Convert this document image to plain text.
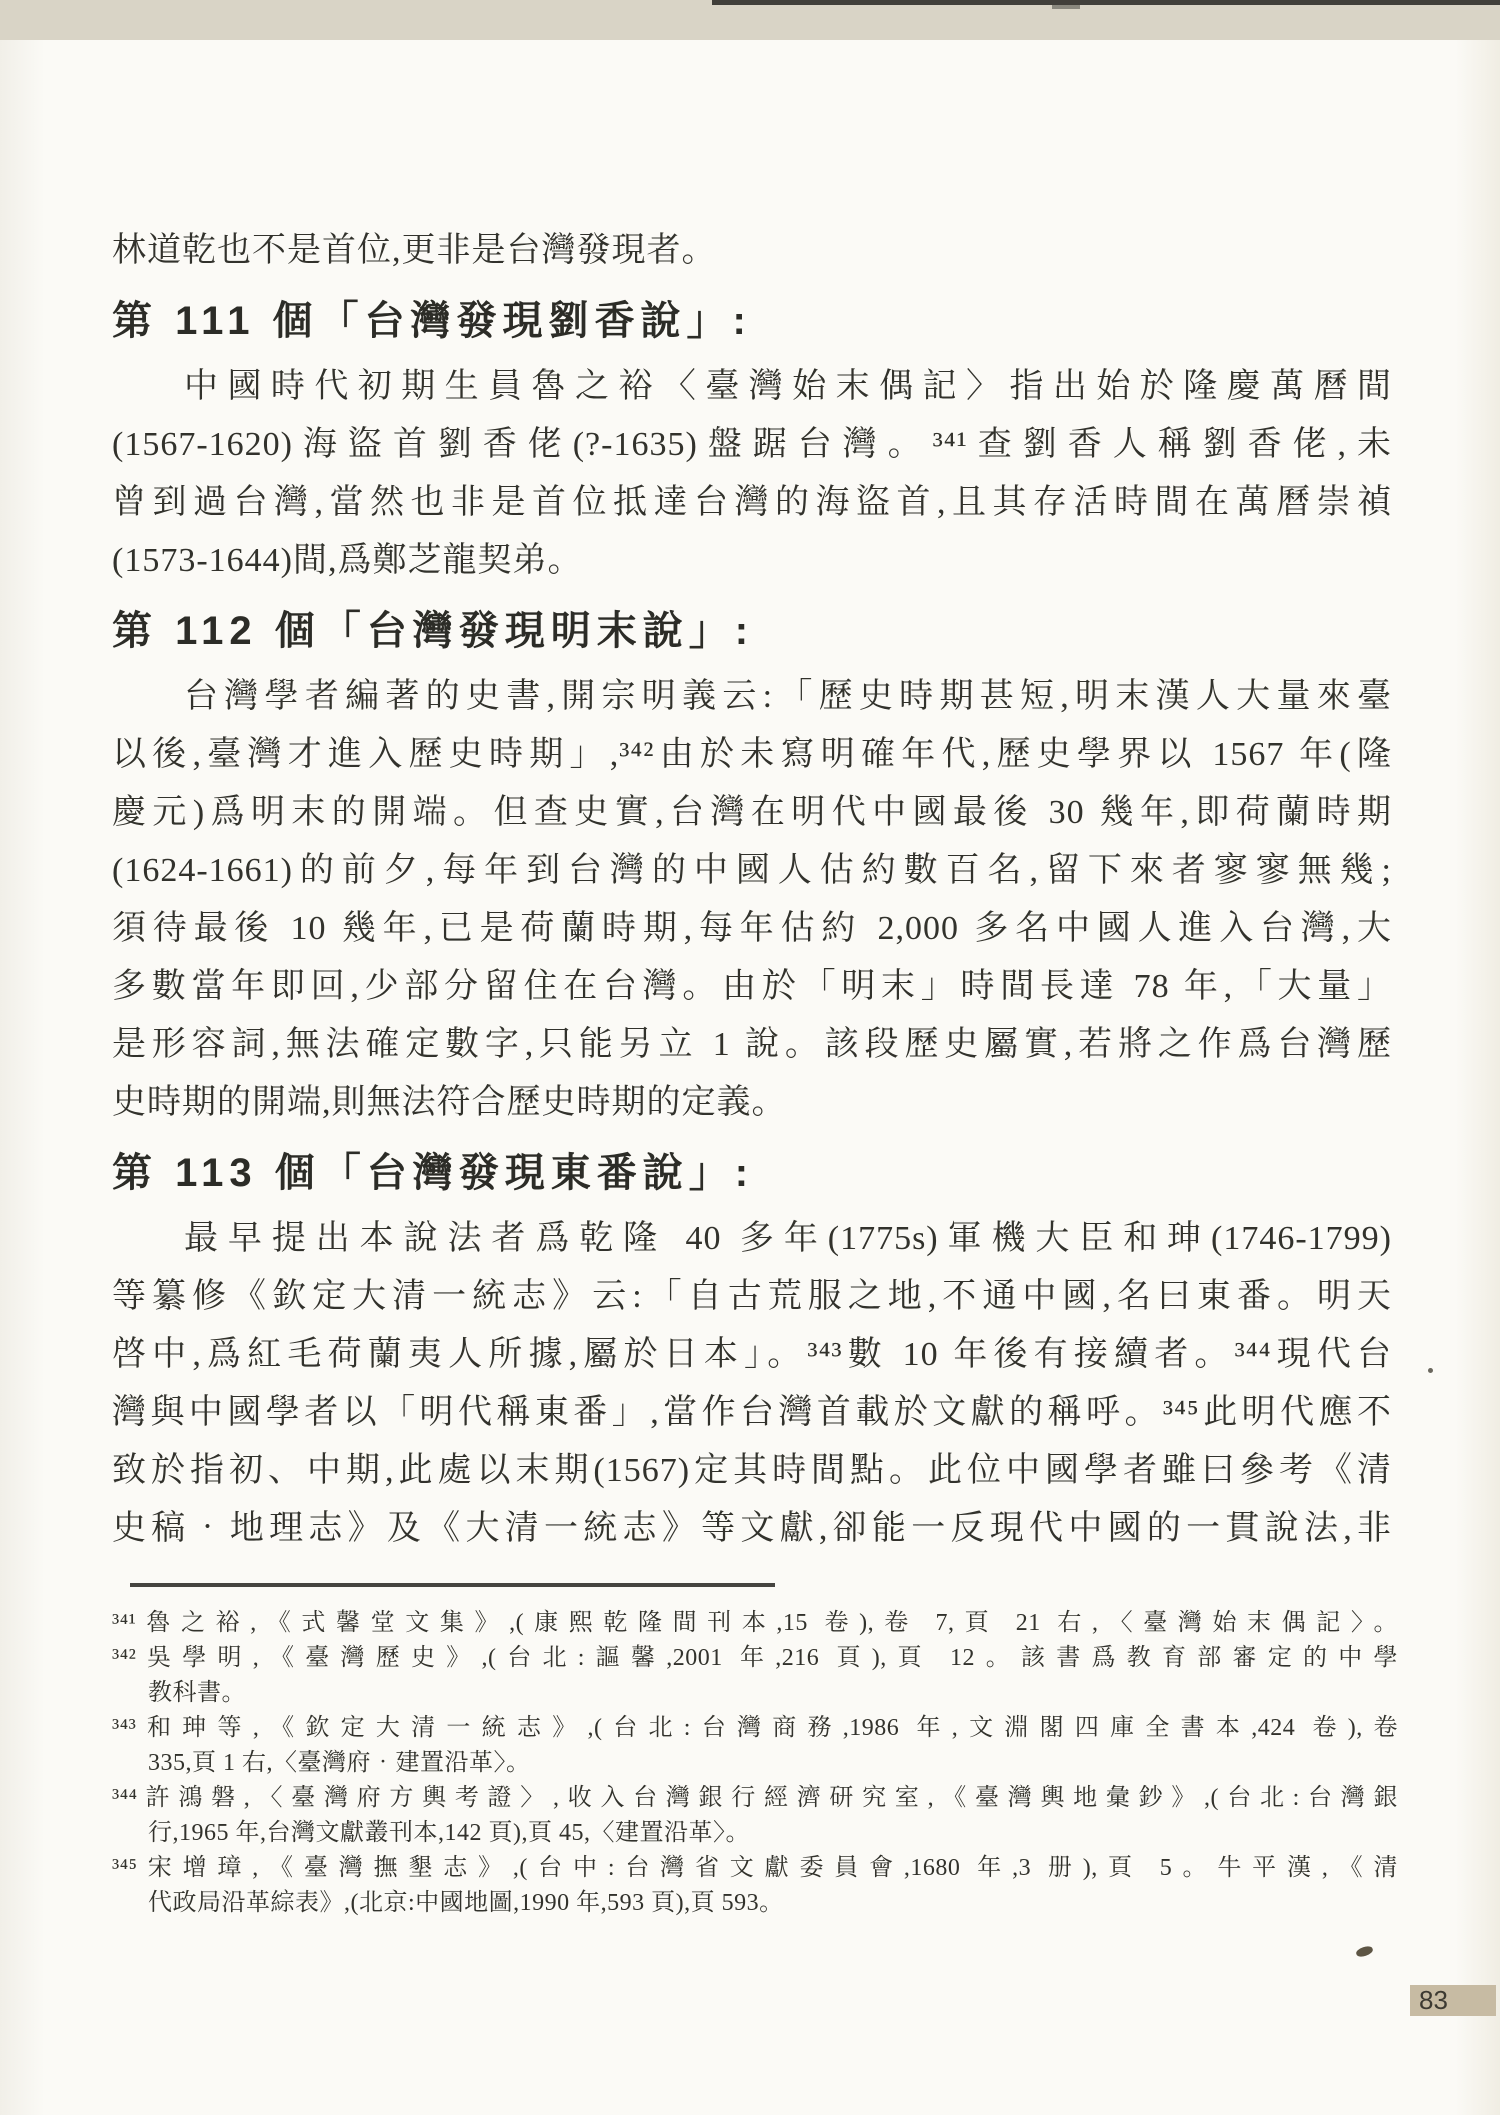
林道乾也不是首位,更非是台灣發現者。
第 111 個「台灣發現劉香說」:
中國時代初期生員魯之裕〈臺灣始末偶記〉指出始於隆慶萬曆間
(1567-1620)海盜首劉香佬(?-1635)盤踞台灣。³⁴¹查劉香人稱劉香佬,未
曾到過台灣,當然也非是首位抵達台灣的海盜首,且其存活時間在萬曆崇禎
(1573-1644)間,爲鄭芝龍契弟。
第 112 個「台灣發現明末說」:
台灣學者編著的史書,開宗明義云:「歷史時期甚短,明末漢人大量來臺
以後,臺灣才進入歷史時期」,³⁴²由於未寫明確年代,歷史學界以 1567 年(隆
慶元)爲明末的開端。但查史實,台灣在明代中國最後 30 幾年,即荷蘭時期
(1624-1661)的前夕,每年到台灣的中國人估約數百名,留下來者寥寥無幾;
須待最後 10 幾年,已是荷蘭時期,每年估約 2,000 多名中國人進入台灣,大
多數當年即回,少部分留住在台灣。由於「明末」時間長達 78 年,「大量」
是形容詞,無法確定數字,只能另立 1 說。該段歷史屬實,若將之作爲台灣歷
史時期的開端,則無法符合歷史時期的定義。
第 113 個「台灣發現東番說」:
最早提出本說法者爲乾隆 40 多年(1775s)軍機大臣和珅(1746-1799)
等纂修《欽定大清一統志》云:「自古荒服之地,不通中國,名曰東番。明天
啓中,爲紅毛荷蘭夷人所據,屬於日本」。³⁴³數 10 年後有接續者。³⁴⁴現代台
灣與中國學者以「明代稱東番」,當作台灣首載於文獻的稱呼。³⁴⁵此明代應不
致於指初、中期,此處以末期(1567)定其時間點。此位中國學者雖曰參考《清
史稿‧地理志》及《大清一統志》等文獻,卻能一反現代中國的一貫說法,非
³⁴¹魯之裕,《式馨堂文集》,(康熙乾隆間刊本,15 卷),卷 7,頁 21 右,〈臺灣始末偶記〉。
³⁴²吳學明,《臺灣歷史》,(台北:謳馨,2001 年,216 頁),頁 12。該書爲教育部審定的中學
教科書。
³⁴³和珅等,《欽定大清一統志》,(台北:台灣商務,1986 年,文淵閣四庫全書本,424 卷),卷
335,頁 1 右,〈臺灣府‧建置沿革〉。
³⁴⁴許鴻磐,〈臺灣府方輿考證〉,收入台灣銀行經濟研究室,《臺灣輿地彙鈔》,(台北:台灣銀
行,1965 年,台灣文獻叢刊本,142 頁),頁 45,〈建置沿革〉。
³⁴⁵宋增璋,《臺灣撫墾志》,(台中:台灣省文獻委員會,1680 年,3 册),頁 5。牛平漢,《清
代政局沿革綜表》,(北京:中國地圖,1990 年,593 頁),頁 593。
83
